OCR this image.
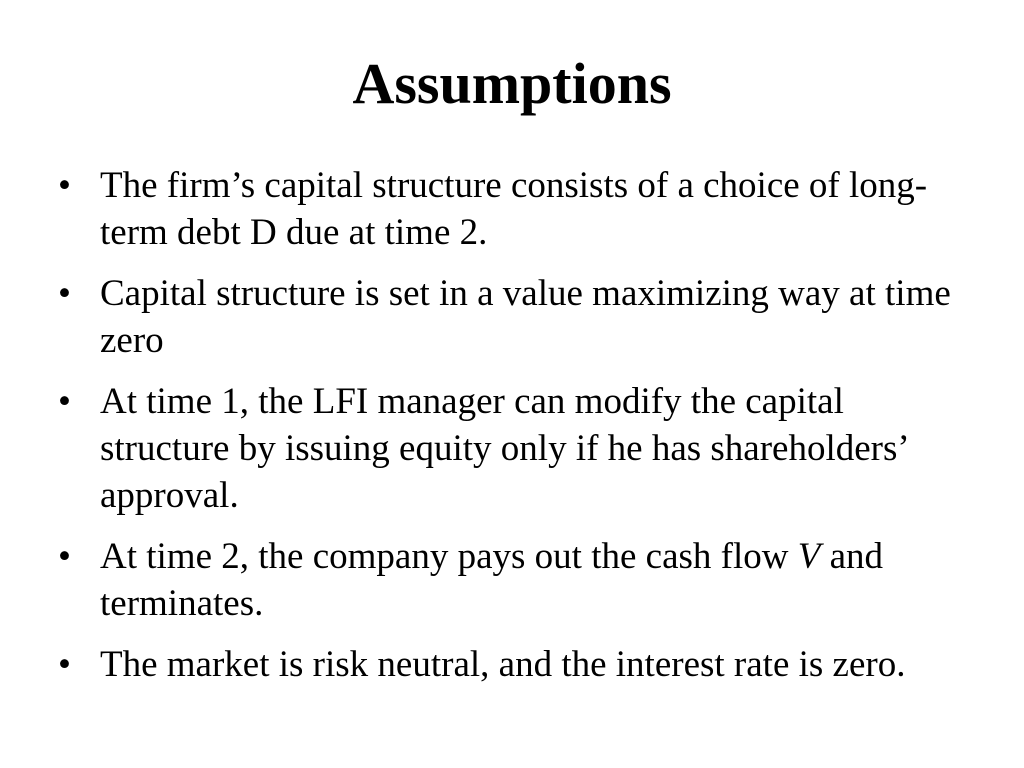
Assumptions
• The firm’s capital structure consists of a choice of long-term debt D due at time 2.
• Capital structure is set in a value maximizing way at time zero
• At time 1, the LFI manager can modify the capital structure by issuing equity only if he has shareholders’ approval.
• At time 2, the company pays out the cash flow V and terminates.
• The market is risk neutral, and the interest rate is zero.
